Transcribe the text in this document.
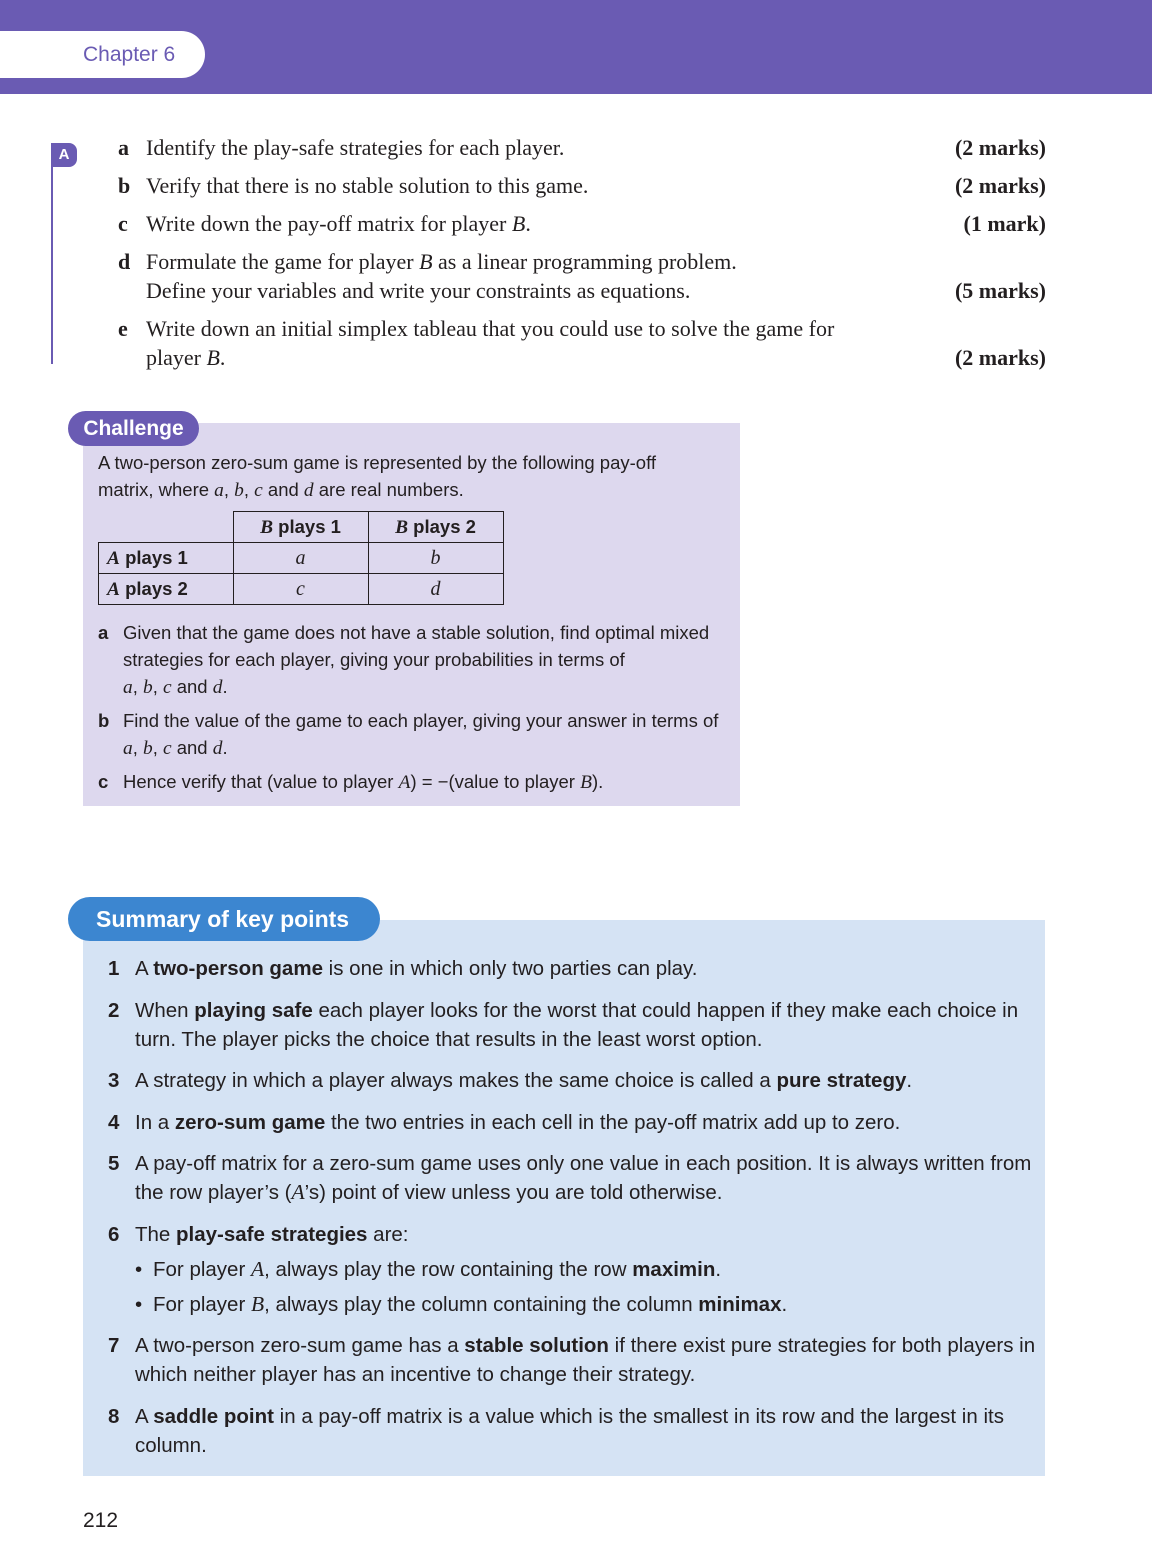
Chapter 6
A	a Identify the play-safe strategies for each player.	(2 marks)
b Verify that there is no stable solution to this game.	(2 marks)
c Write down the pay-off matrix for player B.	(1 mark)
d Formulate the game for player B as a linear programming problem.
Define your variables and write your constraints as equations.	(5 marks)
e Write down an initial simplex tableau that you could use to solve the game for
player B.	(2 marks)
A two-person zero-sum game is represented by the following pay-off
matrix, where a, b, c and d are real numbers.
	B plays 1	B plays 2
A plays 1	a	b
A plays 2	c	d
a Given that the game does not have a stable solution, find optimal mixed strategies for each player, giving your probabilities in terms of
a, b, c and d.
b Find the value of the game to each player, giving your answer in terms of a, b, c and d.
c Hence verify that (value to player A) = −(value to player B).
Challenge
1 A two-person game is one in which only two parties can play.
2 When playing safe each player looks for the worst that could happen if they make each choice in turn. The player picks the choice that results in the least worst option.
3 A strategy in which a player always makes the same choice is called a pure strategy.
4 In a zero-sum game the two entries in each cell in the pay-off matrix add up to zero.
5 A pay-off matrix for a zero-sum game uses only one value in each position. It is always written from the row player’s (A’s) point of view unless you are told otherwise.
6 The play-safe strategies are:
• For player A, always play the row containing the row maximin.
• For player B, always play the column containing the column minimax.
7 A two-person zero-sum game has a stable solution if there exist pure strategies for both players in which neither player has an incentive to change their strategy.
8 A saddle point in a pay-off matrix is a value which is the smallest in its row and the largest in its column.
Summary of key points
212
